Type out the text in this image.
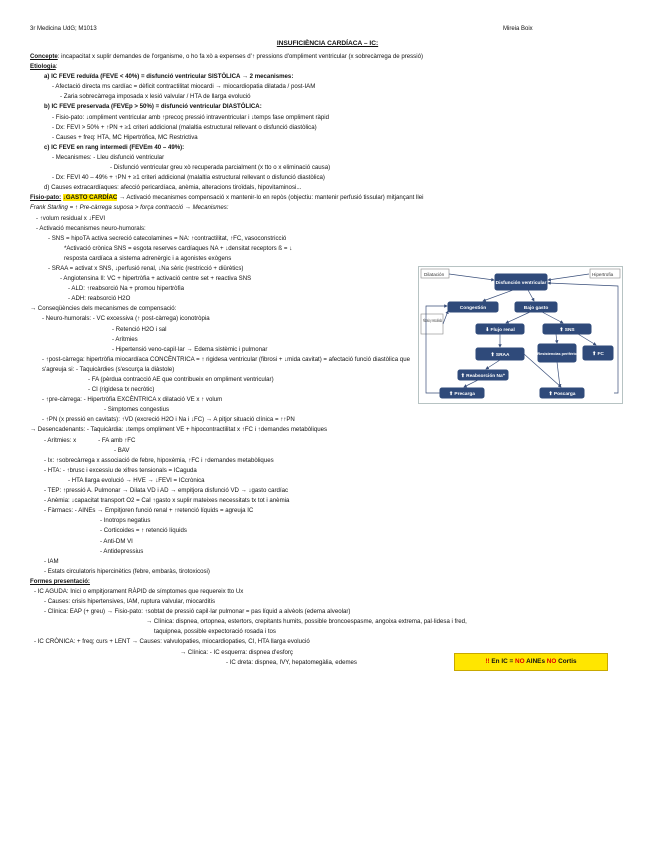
3r Medicina UdG; M1013	Mireia Boix
INSUFICIÈNCIA CARDÍACA – IC:
Concepte: incapacitat x suplir demandes de l'organisme, o ho fa xò a expenses d'↑ pressions d'ompliment ventricular (x sobrecàrrega de pressió)
Etiologia:
a) IC FEVE reduïda (FEVE < 40%) = disfunció ventricular SISTÒLICA → 2 mecanismes:
- Afectació directa ms cardíac = dèficit contractilitat miocardi → miocardiopatia dilatada / post-IAM
- Zaria sobrecàrrega imposada x lesió valvular / HTA de llarga evolució
b) IC FEVE preservada (FEVEp > 50%) = disfunció ventricular DIASTÒLICA:
- Fisio-pato: ↓ompliment ventricular amb ↑precoç pressió intraventricular i ↓temps fase ompliment ràpid
- Dx: FEVI > 50% + ↑PN + ≥1 criteri addicional (malaltia estructural rellevant o disfunció diastòlica)
- Causes + freq: HTA, MC Hipertròfica, MC Restrictiva
c) IC FEVE en rang intermedi (FEVEm 40 – 49%):
- Mecanismes: - Lleu disfunció ventricular
- Disfunció ventricular greu xò recuperada parcialment (x tto o x eliminació causa)
- Dx: FEVI 40 – 49% + ↑PN + ≥1 criteri addicional (malaltia estructural rellevant o disfunció diastòlica)
d) Causes extracardíaques: afecció pericardíaca, anèmia, alteracions tiroïdals, hipovitaminosi...
Fisio-pato: ↓GASTO CARDÍAC → Activació mecanismes compensació x mantenir-lo en repòs (objectiu: mantenir perfusió tissular) mitjançant llei
Frank Starling = ↑ Pre-càrrega suposa > força contracció → Mecanismes:
- ↑volum residual x ↓FEVI
- Activació mecanismes neuro-humorals:
- SNS = hipoTA activa secreció catecolamines = NA: ↑contractilitat, ↑FC, vasoconstricció
*Activació crònica SNS = esgota reserves cardíaques NA + ↓densitat receptors ß = ↓
resposta cardíaca a sistema adrenèrgic i a agonistes exògens
- SRAA = activat x SNS, ↓perfusió renal, ↓Na sèric (restricció + diürètics)
- Angiotensina II: VC + hipertròfia + activació centre set + reactiva SNS
- ALD: ↑reabsorció Na + promou hipertròfia
- ADH: reabsorció H2O
→ Conseqüències dels mecanismes de compensació:
- Neuro-humorals: - VC excessiva (↑ post-càrrega) iconotròpia
- Retenció H2O i sal
- Arítmies
- Hipertensió veno-capil·lar → Edema sistèmic i pulmonar
- ↑post-càrrega: hipertròfia miocardíaca CONCÈNTRICA = ↑ rigidesa ventricular (fibrosi + ↓mida cavitat) = afectació funció diastòlica que
s'agreuja si: - Taquicàrdies (s'escurça la diàstole)
- FA (pèrdua contracció AE que contribueix en ompliment ventricular)
- CI (rigidesa tx necròtic)
- ↑pre-càrrega: - Hipertròfia EXCÈNTRICA x dilatació VE x ↑ volum
- Simptomes congestius
- ↑PN (x pressió en cavitats): ↑VD (excreció H2O i Na i ↓FC) → A pitjor situació clínica = ↑↑PN
→ Desencadenants: - Taquicàrdia: ↓temps ompliment VE + hipocontractilitat x ↑FC i ↑demandes metabòliques
- Arítmies: x	- FA amb ↑FC
- BAV
- Ix: ↑sobrecàrrega x associació de febre, hipoxèmia, ↑FC i ↑demandes metabòliques
- HTA: - ↑brusc i excessiu de xifres tensionals = ICaguda
- HTA llarga evolució → HVE → ↓FEVI = ICcrònica
- TEP: ↑pressió A. Pulmonar → Dilata VD i AD → empitjora disfunció VD → ↓gasto cardíac
- Anèmia: ↓capacitat transport O2 = CaI ↑gasto x suplir mateixes necessitats tx tot i anèmia
- Fàrmacs: - AINEs → Empitjoren funció renal + ↑retenció líquids = agreuja IC
- Inotrops negatius
- Corticoides = ↑ retenció líquids
- Anti-DM VI
- Antidepressius
- IAM
- Estats circulatoris hipercinètics (febre, embaràs, tirotoxicosi)
Formes presentació:
- IC AGUDA: Inici o empitjorament RÀPID de símptomes que requereix tto Ux
- Causes: crisis hipertensives, IAM, ruptura valvular, miocarditis
- Clínica: EAP (+ greu) → Fisio-pato: ↑sobtat de pressió capil·lar pulmonar = pas líquid a alvèols (edema alveolar)
→ Clínica: dispnea, ortopnea, estertors, crepitants humits, possible broncoespasme, angoixa extrema, pal·lidesa i fred,
taquipnea, possible expectoració rosada i tos
- IC CRÒNICA: + freq; curs + LENT → Causes: valvulopaties, miocardiopaties, CI, HTA llarga evolució
→ Clínica: - IC esquerra: dispnea d'esforç
- IC dreta: dispnea, IVY, hepatomegàlia, edemes
Dilatación	Hipertrofia
Fibrosis y remodelado
Disfunción ventricular
Congestión	Bajo gasto
⬇ Flujo renal	⬆ SNS
⬆ SRAA	⬆ Resistencias periféricas ⬆ FC
⬆ Reabsorción Na⁺
⬆ Precarga	⬆ Poscarga
!! En IC = NO AINEs NO Cortis
